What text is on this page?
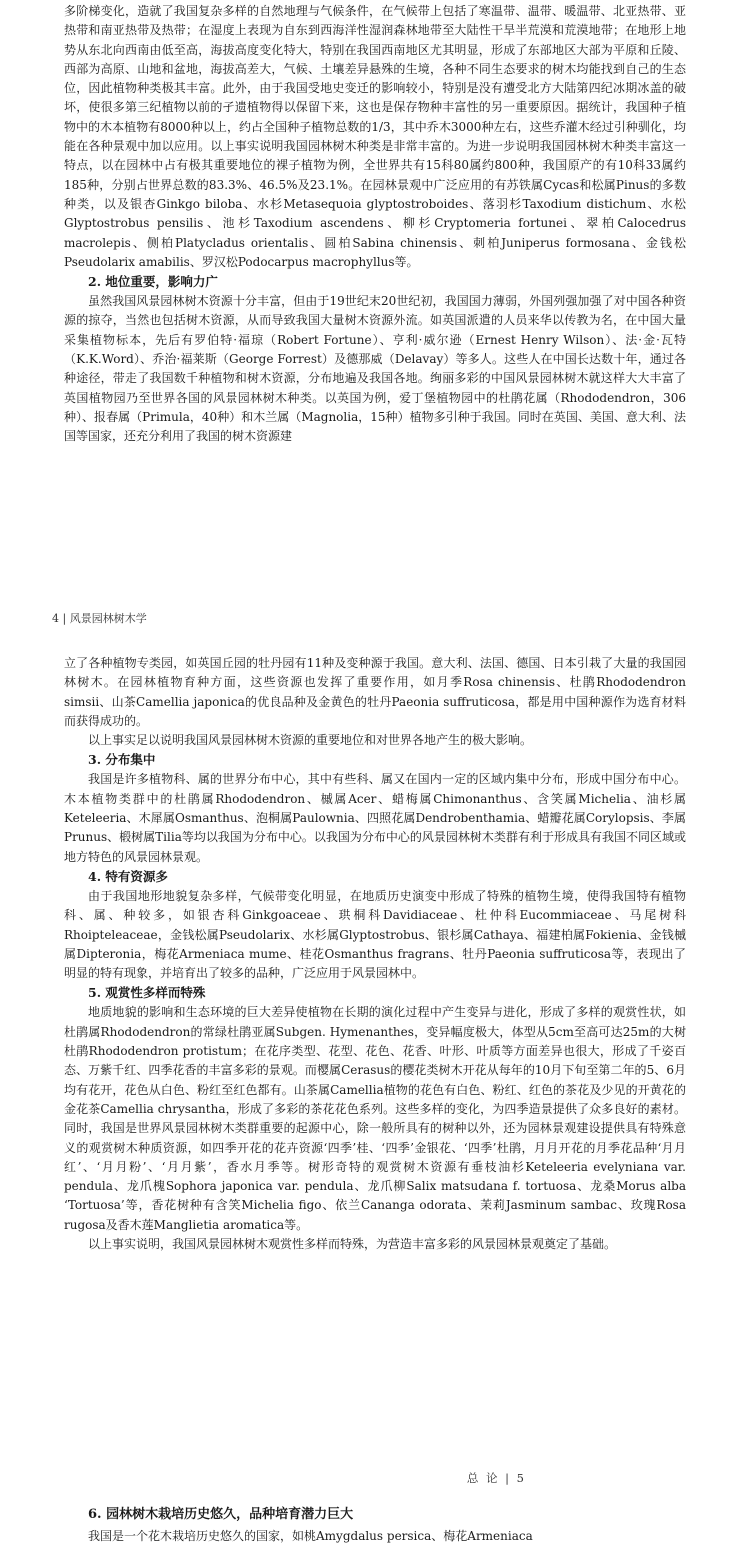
多阶梯变化，造就了我国复杂多样的自然地理与气候条件，在气候带上包括了寒温带、温带、暖温带、北亚热带、亚热带和南亚热带及热带；在湿度上表现为自东到西海洋性湿润森林地带至大陆性干旱半荒漠和荒漠地带；在地形上地势从东北向西南由低至高，海拔高度变化特大，特别在我国西南地区尤其明显，形成了东部地区大部为平原和丘陵、西部为高原、山地和盆地，海拔高差大，气候、土壤差异悬殊的生境，各种不同生态要求的树木均能找到自己的生态位，因此植物种类极其丰富。此外，由于我国受地史变迁的影响较小，特别是没有遭受北方大陆第四纪冰期冰盖的破坏，使很多第三纪植物以前的孑遗植物得以保留下来，这也是保存物种丰富性的另一重要原因。据统计，我国种子植物中的木本植物有8000种以上，约占全国种子植物总数的1/3，其中乔木3000种左右，这些乔灌木经过引种驯化，均能在各种景观中加以应用。以上事实说明我国园林树木种类是非常丰富的。为进一步说明我国园林树木种类丰富这一特点，以在园林中占有极其重要地位的裸子植物为例，全世界共有15科80属约800种，我国原产的有10科33属约185种，分别占世界总数的83.3%、46.5%及23.1%。在园林景观中广泛应用的有苏铁属Cycas和松属Pinus的多数种类，以及银杏Ginkgo biloba、水杉Metasequoia glyptostroboides、落羽杉Taxodium distichum、水松Glyptostrobus pensilis、池杉Taxodium ascendens、柳杉Cryptomeria fortunei、翠柏Calocedrus macrolepis、侧柏Platycladus orientalis、圆柏Sabina chinensis、刺柏Juniperus formosana、金钱松Pseudolarix amabilis、罗汉松Podocarpus macrophyllus等。

2. 地位重要，影响力广

虽然我国风景园林树木资源十分丰富，但由于19世纪末20世纪初，我国国力薄弱，外国列强加强了对中国各种资源的掠夺，当然也包括树木资源，从而导致我国大量树木资源外流。如英国派遣的人员来华以传教为名，在中国大量采集植物标本，先后有罗伯特·福琼（Robert Fortune）、亨利·威尔逊（Ernest Henry Wilson）、法·金·瓦特（K.K.Word）、乔治·福莱斯（George Forrest）及德那威（Delavay）等多人。这些人在中国长达数十年，通过各种途径，带走了我国数千种植物和树木资源，分布地遍及我国各地。绚丽多彩的中国风景园林树木就这样大大丰富了英国植物园乃至世界各国的风景园林树木种类。以英国为例，爱丁堡植物园中的杜鹃花属（Rhododendron，306种）、报春属（Primula，40种）和木兰属（Magnolia，15种）植物多引种于我国。同时在英国、美国、意大利、法国等国家，还充分利用了我国的树木资源建

4 | 风景园林树木学

立了各种植物专类园，如英国丘园的牡丹园有11种及变种源于我国。意大利、法国、德国、日本引栽了大量的我国园林树木。在园林植物育种方面，这些资源也发挥了重要作用，如月季Rosa chinensis、杜鹃Rhododendron simsii、山茶Camellia japonica的优良品种及金黄色的牡丹Paeonia suffruticosa，都是用中国种源作为选育材料而获得成功的。

以上事实足以说明我国风景园林树木资源的重要地位和对世界各地产生的极大影响。

3. 分布集中

我国是许多植物科、属的世界分布中心，其中有些科、属又在国内一定的区域内集中分布，形成中国分布中心。木本植物类群中的杜鹃属Rhododendron、槭属Acer、蜡梅属Chimonanthus、含笑属Michelia、油杉属Keteleeria、木犀属Osmanthus、泡桐属Paulownia、四照花属Dendrobenthamia、蜡瓣花属Corylopsis、李属Prunus、椴树属Tilia等均以我国为分布中心。以我国为分布中心的风景园林树木类群有利于形成具有我国不同区域或地方特色的风景园林景观。

4. 特有资源多

由于我国地形地貌复杂多样，气候带变化明显，在地质历史演变中形成了特殊的植物生境，使得我国特有植物科、属、种较多，如银杏科Ginkgoaceae、珙桐科Davidiaceae、杜仲科Eucommiaceae、马尾树科Rhoipteleaceae，金钱松属Pseudolarix、水杉属Glyptostrobus、银杉属Cathaya、福建柏属Fokienia、金钱槭属Dipteronia，梅花Armeniaca mume、桂花Osmanthus fragrans、牡丹Paeonia suffruticosa等，表现出了明显的特有现象，并培育出了较多的品种，广泛应用于风景园林中。

5. 观赏性多样而特殊

地质地貌的影响和生态环境的巨大差异使植物在长期的演化过程中产生变异与进化，形成了多样的观赏性状，如杜鹃属Rhododendron的常绿杜鹃亚属Subgen. Hymenanthes，变异幅度极大，体型从5cm至高可达25m的大树杜鹃Rhododendron protistum；在花序类型、花型、花色、花香、叶形、叶质等方面差异也很大，形成了千姿百态、万紫千红、四季花香的丰富多彩的景观。而樱属Cerasus的樱花类树木开花从每年的10月下旬至第二年的5、6月均有花开，花色从白色、粉红至红色都有。山茶属Camellia植物的花色有白色、粉红、红色的茶花及少见的开黄花的金花茶Camellia chrysantha，形成了多彩的茶花花色系列。这些多样的变化，为四季造景提供了众多良好的素材。同时，我国是世界风景园林树木类群重要的起源中心，除一般所具有的树种以外，还为园林景观建设提供具有特殊意义的观赏树木种质资源，如四季开花的花卉资源‘四季’桂、‘四季’金银花、‘四季’杜鹃，月月开花的月季花品种‘月月红’、‘月月粉’、‘月月紫’，香水月季等。树形奇特的观赏树木资源有垂枝油杉Keteleeria evelyniana var. pendula、龙爪槐Sophora japonica var. pendula、龙爪柳Salix matsudana f. tortuosa、龙桑Morus alba ‘Tortuosa’等，香花树种有含笑Michelia figo、依兰Cananga odorata、茉莉Jasminum sambac、玫瑰Rosa rugosa及香木莲Manglietia aromatica等。

以上事实说明，我国风景园林树木观赏性多样而特殊，为营造丰富多彩的风景园林景观奠定了基础。

总 论 | 5

6. 园林树木栽培历史悠久，品种培育潜力巨大

我国是一个花木栽培历史悠久的国家，如桃Amygdalus persica、梅花Armeniaca
